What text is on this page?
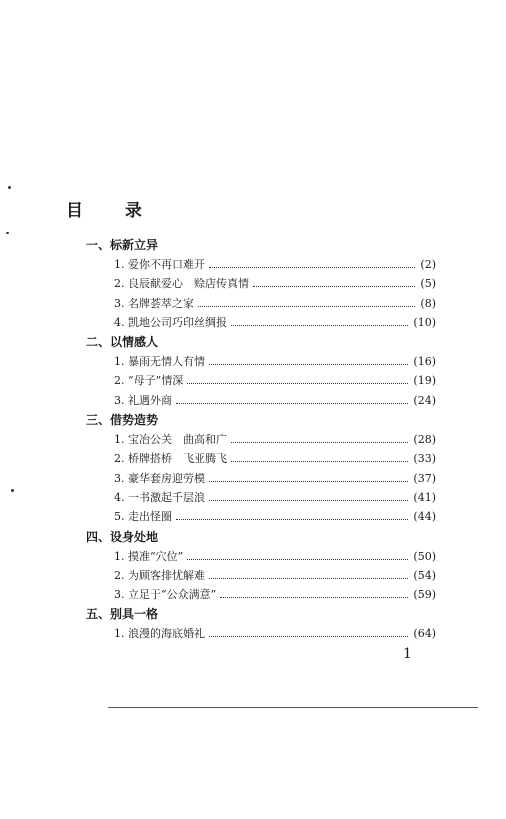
目 录
一、标新立异
1. 爱你不再口难开	(2)
2. 良辰献爱心　赊店传真情	(5)
3. 名牌荟萃之家	(8)
4. 凯地公司巧印丝绸报	(10)
二、以情感人
1. 暴雨无情人有情	(16)
2. “母子”情深	(19)
3. 礼遇外商	(24)
三、借势造势
1. 宝冶公关　曲高和广	(28)
2. 桥牌搭桥　飞亚腾飞	(33)
3. 豪华套房迎劳模	(37)
4. 一书激起千层浪	(41)
5. 走出怪圈	(44)
四、设身处地
1. 摸准“穴位”	(50)
2. 为顾客排忧解难	(54)
3. 立足于“公众满意”	(59)
五、别具一格
1. 浪漫的海底婚礼	(64)
1
